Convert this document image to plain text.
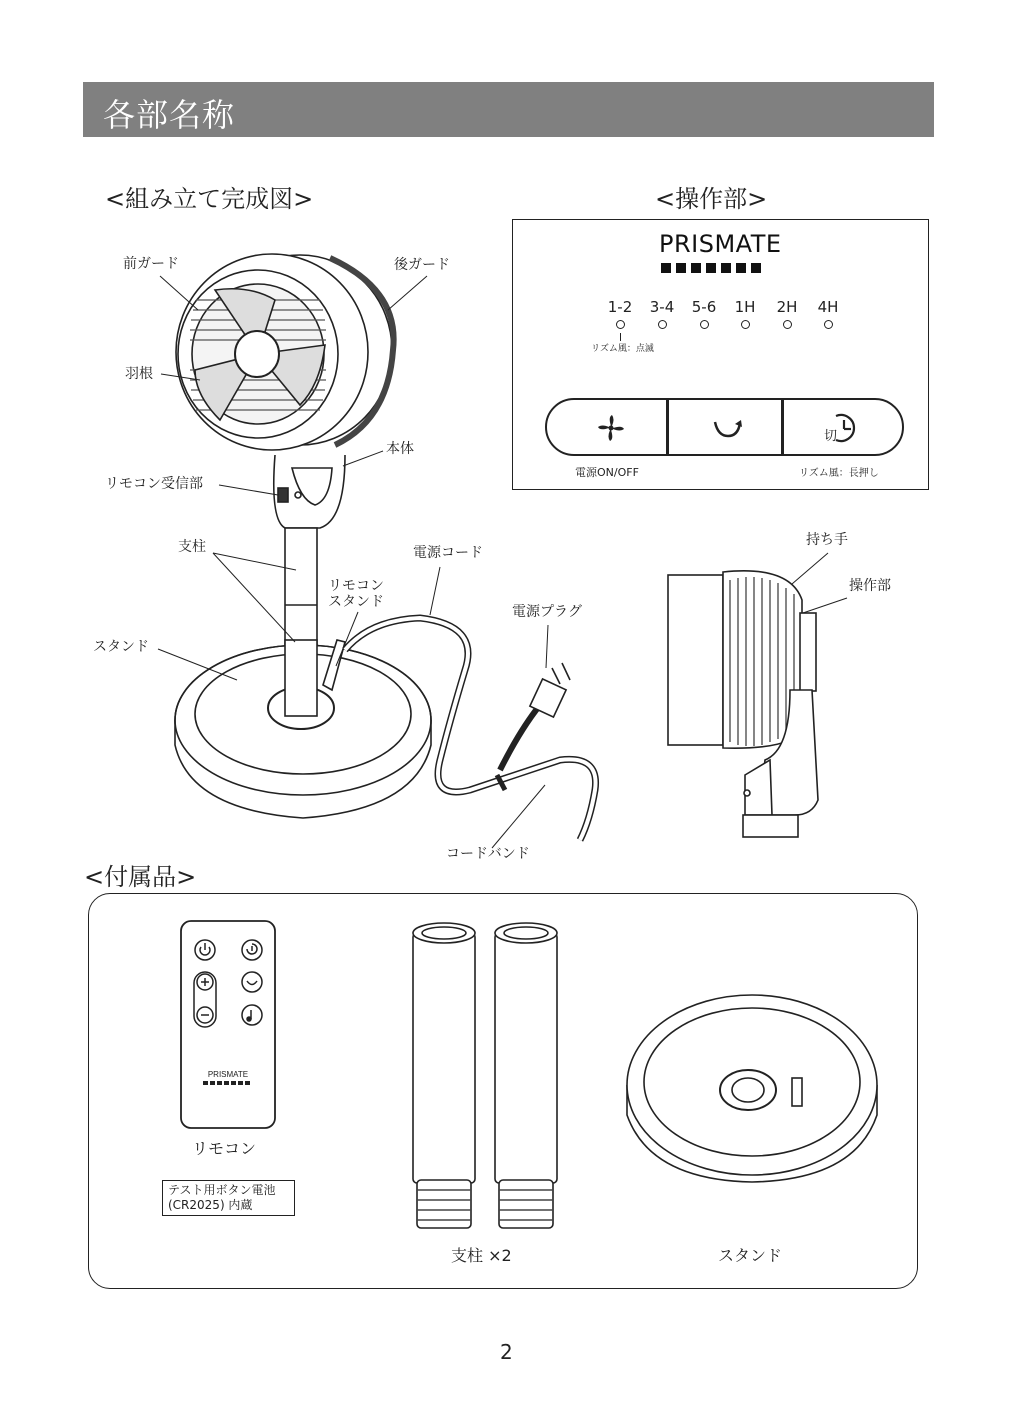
各部名称
<組み立て完成図>	<操作部>
<付属品>
前ガード	後ガード
羽根
本体
リモコン受信部
支柱
リモコン
スタンド
電源コード
電源プラグ
スタンド
コードバンド
持ち手
操作部
PRISMATE
1-2	3-4	5-6	1H	2H	4H
リズム風：点滅
切
電源ON/OFF	リズム風：長押し
PRISMATE
リモコン
テスト用ボタン電池
(CR2025) 内蔵
支柱 ×2	スタンド
2
